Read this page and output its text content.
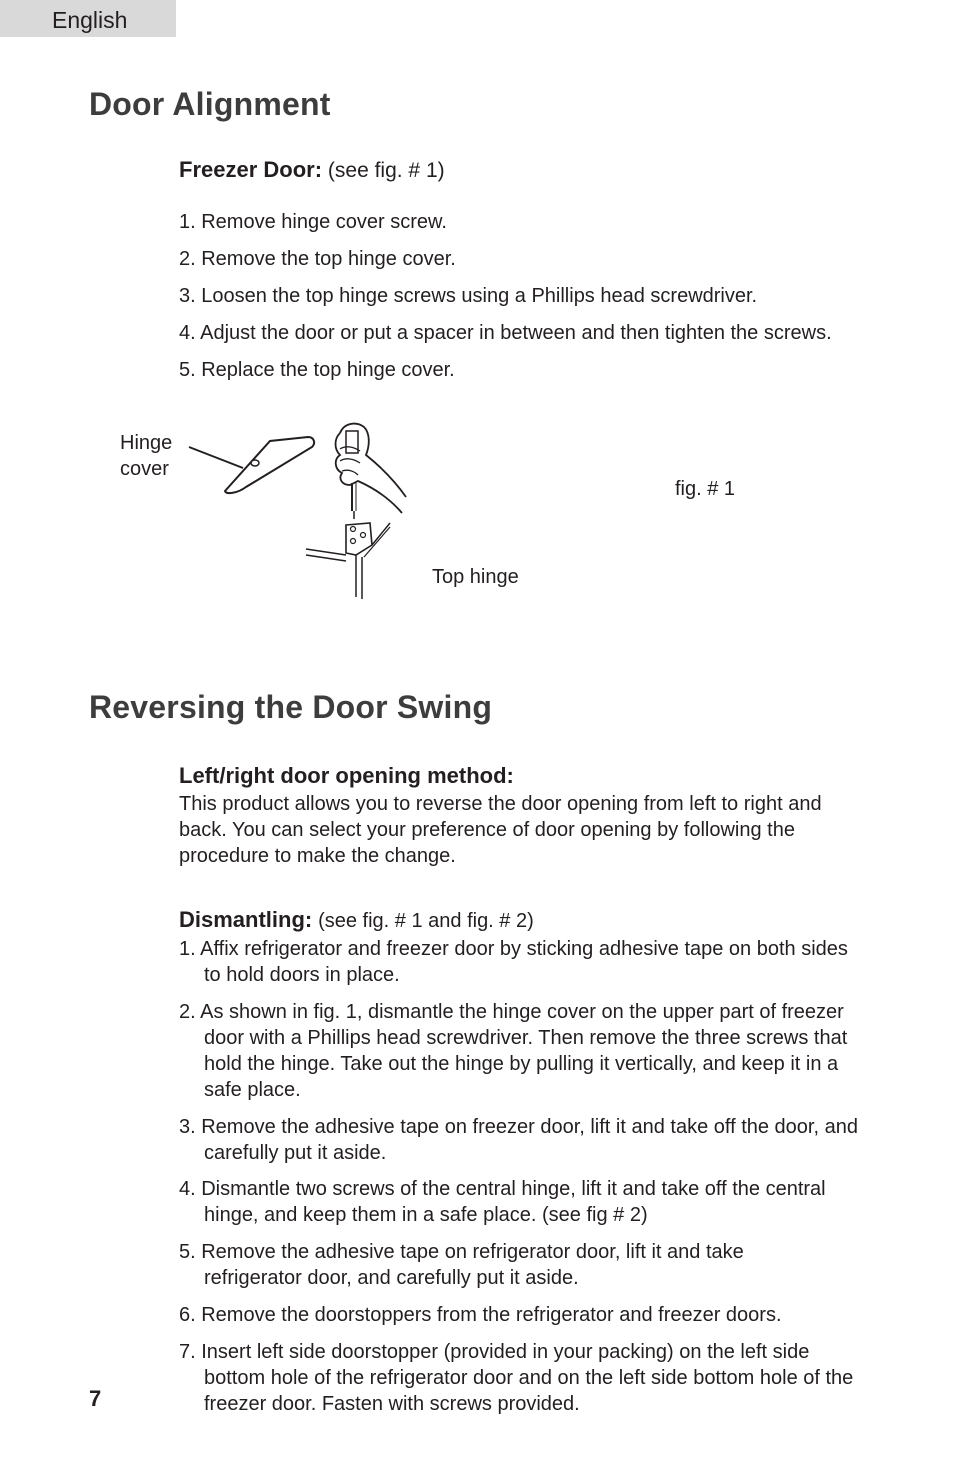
English
Door Alignment
Freezer Door: (see fig. # 1)
1. Remove hinge cover screw.
2. Remove the top hinge cover.
3. Loosen the top hinge screws using a Phillips head screwdriver.
4. Adjust the door or put a spacer in between and then tighten the screws.
5. Replace the top hinge cover.
Hinge
cover
fig. # 1
Top hinge
Reversing the Door Swing
Left/right door opening method:
This product allows you to reverse the door opening from left to right and back. You can select your preference of door opening by following the procedure to make the change.
Dismantling: (see fig. # 1 and fig. # 2)
1. Affix refrigerator and freezer door by sticking adhesive tape on both sides to hold doors in place.
2. As shown in fig. 1, dismantle the hinge cover on the upper part of freezer door with a Phillips head screwdriver. Then remove the three screws that hold the hinge. Take out the hinge by pulling it vertically, and keep it in a safe place.
3. Remove the adhesive tape on freezer door, lift it and take off the door, and carefully put it aside.
4. Dismantle two screws of the central hinge, lift it and take off the central hinge, and keep them in a safe place. (see fig # 2)
5. Remove the adhesive tape on refrigerator door, lift it and take refrigerator door, and carefully put it aside.
6. Remove the doorstoppers from the refrigerator and freezer doors.
7. Insert left side doorstopper (provided in your packing) on the left side bottom hole of the refrigerator door and on the left side bottom hole of the freezer door. Fasten with screws provided.
7
